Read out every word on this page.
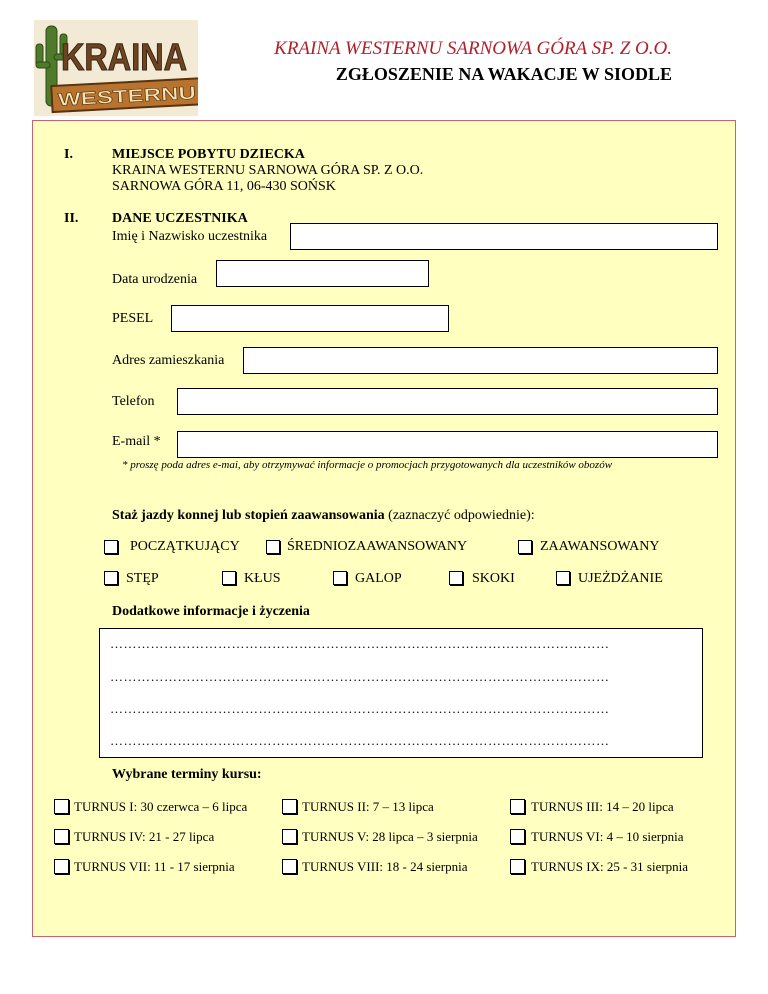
KRAINA
WESTERNU
KRAINA WESTERNU SARNOWA GÓRA SP. Z O.O.
ZGŁOSZENIE NA WAKACJE W SIODLE
I.	MIEJSCE POBYTU DZIECKA
KRAINA WESTERNU SARNOWA GÓRA SP. Z O.O.
SARNOWA GÓRA 11, 06-430 SOŃSK
II. DANE UCZESTNIKA
Imię i Nazwisko uczestnika
Data urodzenia
PESEL
Adres zamieszkania
Telefon
E-mail *
* proszę poda adres e-mai, aby otrzymywać informacje o promocjach przygotowanych dla uczestników obozów
Staż jazdy konnej lub stopień zaawansowania (zaznaczyć odpowiednie):
POCZĄTKUJĄCY	ŚREDNIOZAAWANSOWANY	ZAAWANSOWANY
STĘP	KŁUS	GALOP	SKOKI	UJEŻDŻANIE
Dodatkowe informacje i życzenia
…………………………………………………………………………………………………
…………………………………………………………………………………………………
…………………………………………………………………………………………………
…………………………………………………………………………………………………
Wybrane terminy kursu:
TURNUS I: 30 czerwca – 6 lipca	TURNUS II: 7 – 13 lipca	TURNUS III: 14 – 20 lipca
TURNUS IV: 21 - 27 lipca	TURNUS V: 28 lipca – 3 sierpnia	TURNUS VI: 4 – 10 sierpnia
TURNUS VII: 11 - 17 sierpnia	TURNUS VIII: 18 - 24 sierpnia	TURNUS IX: 25 - 31 sierpnia
